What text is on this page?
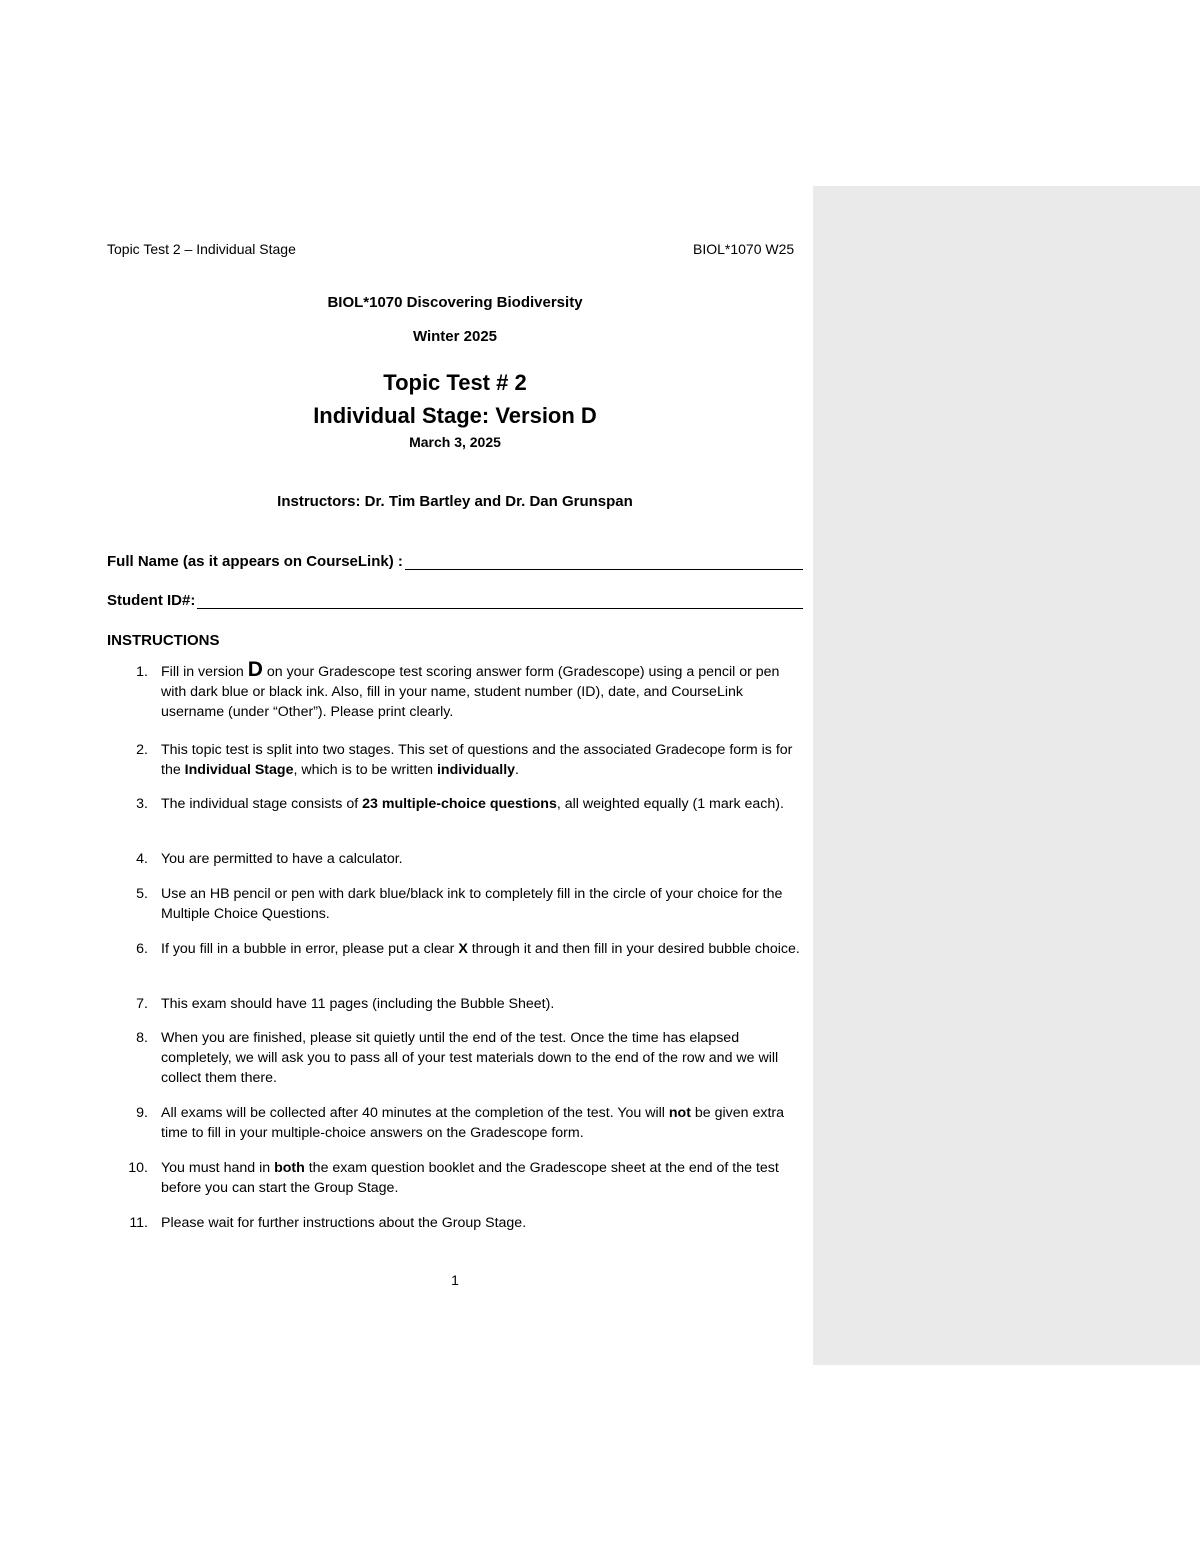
Topic Test 2 – Individual Stage	BIOL*1070 W25
BIOL*1070 Discovering Biodiversity
Winter 2025
Topic Test # 2
Individual Stage: Version D
March 3, 2025
Instructors: Dr. Tim Bartley and Dr. Dan Grunspan
Full Name (as it appears on CourseLink) :
Student ID#:
INSTRUCTIONS
1. Fill in version D on your Gradescope test scoring answer form (Gradescope) using a pencil or pen with dark blue or black ink. Also, fill in your name, student number (ID), date, and CourseLink username (under “Other”). Please print clearly.
2. This topic test is split into two stages. This set of questions and the associated Gradecope form is for the Individual Stage, which is to be written individually.
3. The individual stage consists of 23 multiple-choice questions, all weighted equally (1 mark each).
4. You are permitted to have a calculator.
5. Use an HB pencil or pen with dark blue/black ink to completely fill in the circle of your choice for the Multiple Choice Questions.
6. If you fill in a bubble in error, please put a clear X through it and then fill in your desired bubble choice.
7. This exam should have 11 pages (including the Bubble Sheet).
8. When you are finished, please sit quietly until the end of the test. Once the time has elapsed completely, we will ask you to pass all of your test materials down to the end of the row and we will collect them there.
9. All exams will be collected after 40 minutes at the completion of the test. You will not be given extra time to fill in your multiple-choice answers on the Gradescope form.
10. You must hand in both the exam question booklet and the Gradescope sheet at the end of the test before you can start the Group Stage.
11. Please wait for further instructions about the Group Stage.
1
